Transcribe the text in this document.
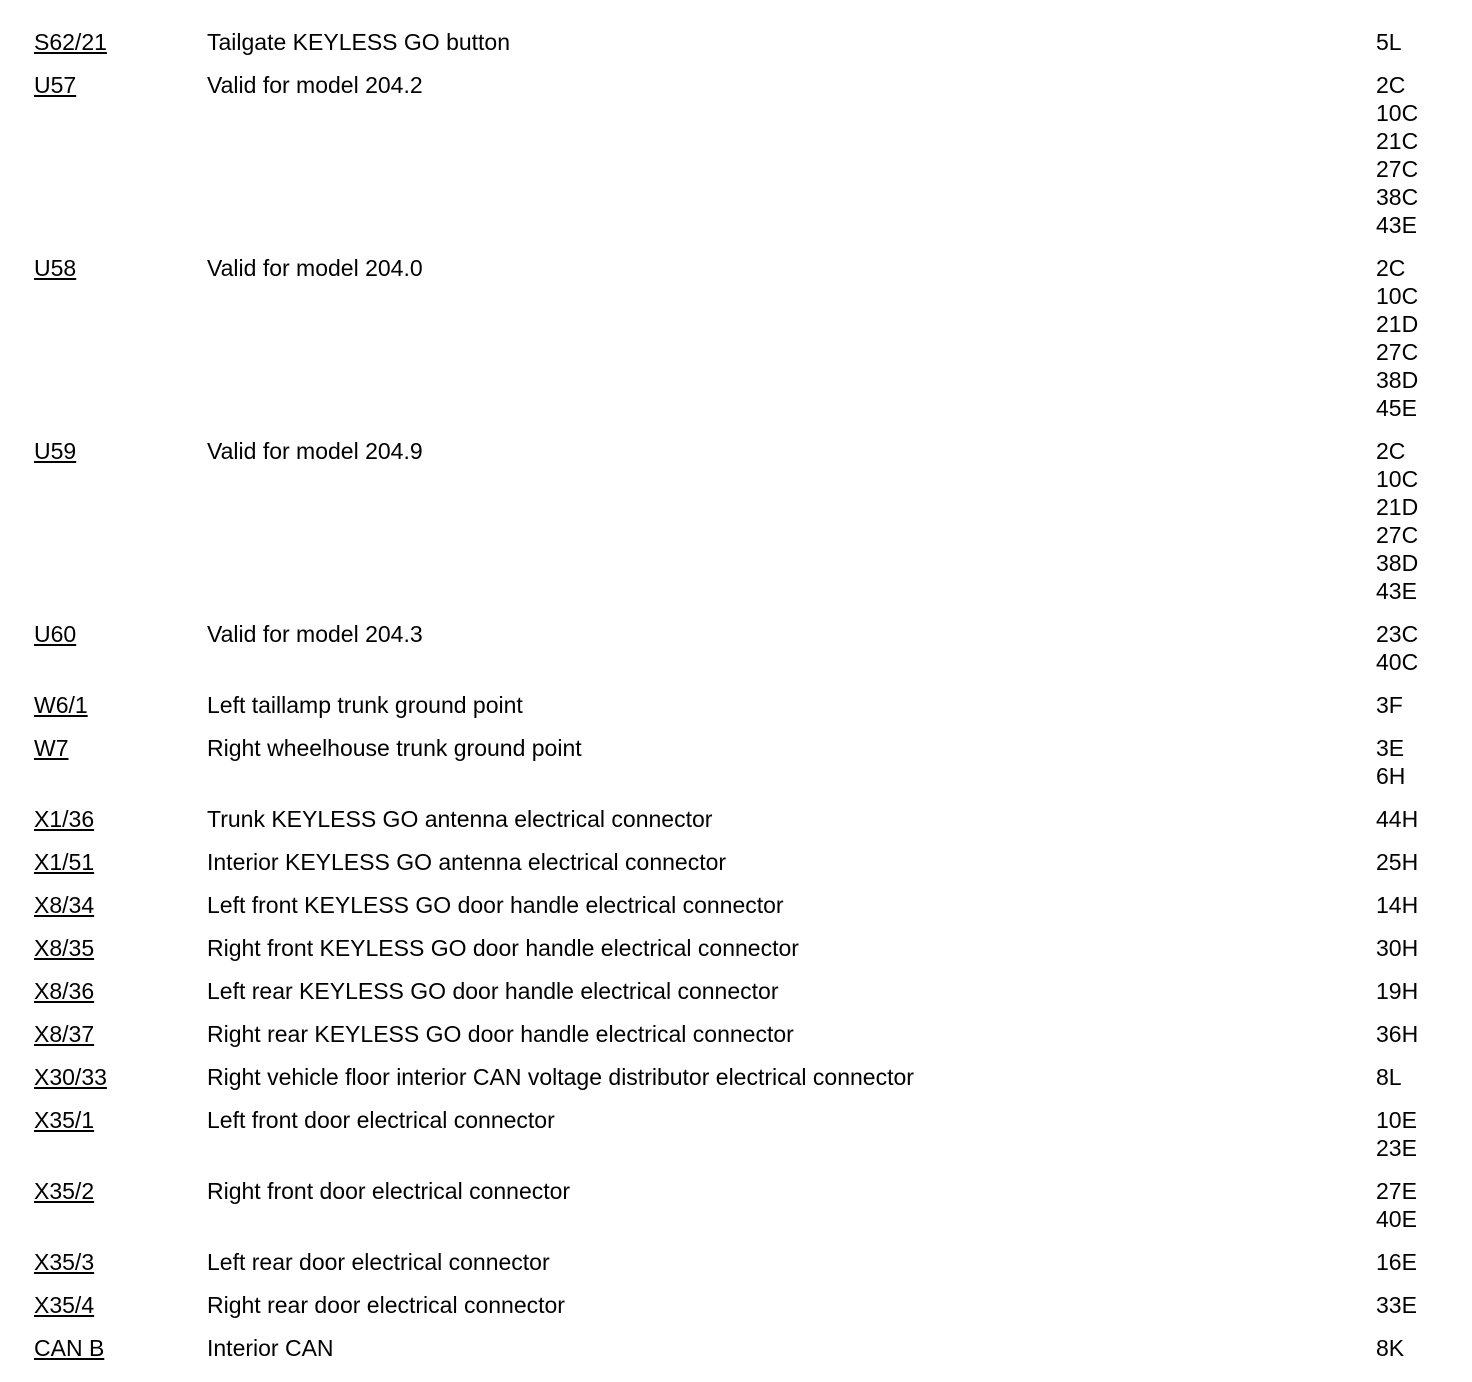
S62/21	Tailgate KEYLESS GO button	5L
U57	Valid for model 204.2	2C
10C
21C
27C
38C
43E
U58	Valid for model 204.0	2C
10C
21D
27C
38D
45E
U59	Valid for model 204.9	2C
10C
21D
27C
38D
43E
U60	Valid for model 204.3	23C
40C
W6/1	Left taillamp trunk ground point	3F
W7	Right wheelhouse trunk ground point	3E
6H
X1/36	Trunk KEYLESS GO antenna electrical connector	44H
X1/51	Interior KEYLESS GO antenna electrical connector	25H
X8/34	Left front KEYLESS GO door handle electrical connector	14H
X8/35	Right front KEYLESS GO door handle electrical connector	30H
X8/36	Left rear KEYLESS GO door handle electrical connector	19H
X8/37	Right rear KEYLESS GO door handle electrical connector	36H
X30/33	Right vehicle floor interior CAN voltage distributor electrical connector	8L
X35/1	Left front door electrical connector	10E
23E
X35/2	Right front door electrical connector	27E
40E
X35/3	Left rear door electrical connector	16E
X35/4	Right rear door electrical connector	33E
CAN B	Interior CAN	8K
